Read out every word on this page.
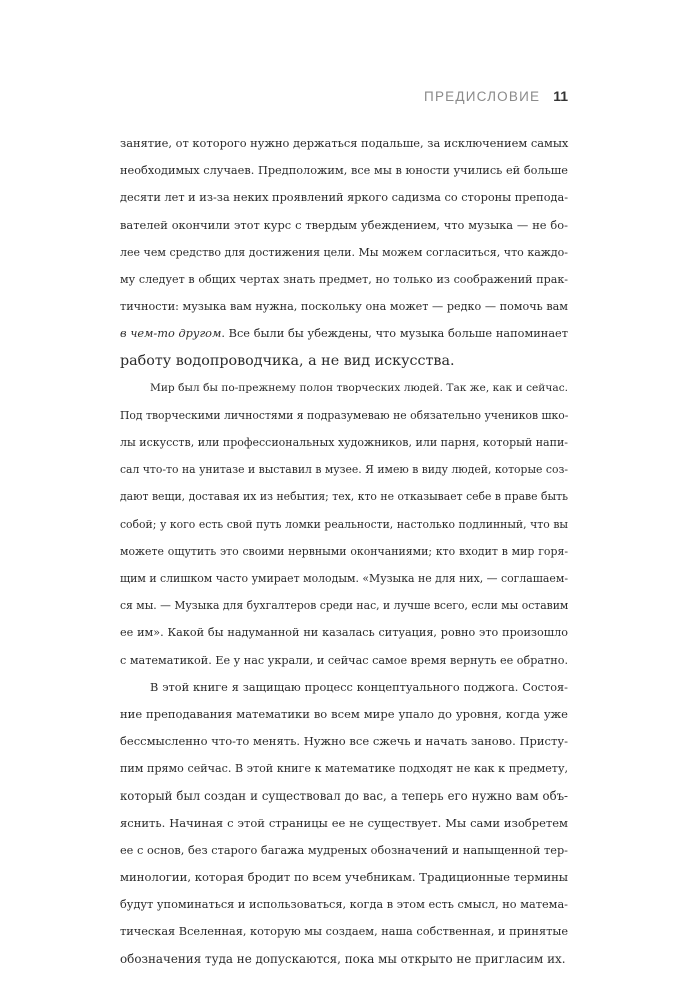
ПРЕДИСЛОВИЕ 11
занятие, от которого нужно держаться подальше, за исключением самых
необходимых случаев. Предположим, все мы в юности учились ей больше
десяти лет и из-за неких проявлений яркого садизма со стороны препода-
вателей окончили этот курс с твердым убеждением, что музыка — не бо-
лее чем средство для достижения цели. Мы можем согласиться, что каждо-
му следует в общих чертах знать предмет, но только из соображений прак-
тичности: музыка вам нужна, поскольку она может — редко — помочь вам
в чем-то другом. Все были бы убеждены, что музыка больше напоминает
работу водопроводчика, а не вид искусства.
Мир был бы по-прежнему полон творческих людей. Так же, как и сейчас.
Под творческими личностями я подразумеваю не обязательно учеников шко-
лы искусств, или профессиональных художников, или парня, который напи-
сал что-то на унитазе и выставил в музее. Я имею в виду людей, которые соз-
дают вещи, доставая их из небытия; тех, кто не отказывает себе в праве быть
собой; у кого есть свой путь ломки реальности, настолько подлинный, что вы
можете ощутить это своими нервными окончаниями; кто входит в мир горя-
щим и слишком часто умирает молодым. «Музыка не для них, — соглашаем-
ся мы. — Музыка для бухгалтеров среди нас, и лучше всего, если мы оставим
ее им». Какой бы надуманной ни казалась ситуация, ровно это произошло
с математикой. Ее у нас украли, и сейчас самое время вернуть ее обратно.
В этой книге я защищаю процесс концептуального поджога. Состоя-
ние преподавания математики во всем мире упало до уровня, когда уже
бессмысленно что-то менять. Нужно все сжечь и начать заново. Присту-
пим прямо сейчас. В этой книге к математике подходят не как к предмету,
который был создан и существовал до вас, а теперь его нужно вам объ-
яснить. Начиная с этой страницы ее не существует. Мы сами изобретем
ее с основ, без старого багажа мудреных обозначений и напыщенной тер-
минологии, которая бродит по всем учебникам. Традиционные термины
будут упоминаться и использоваться, когда в этом есть смысл, но матема-
тическая Вселенная, которую мы создаем, наша собственная, и принятые
обозначения туда не допускаются, пока мы открыто не пригласим их.
